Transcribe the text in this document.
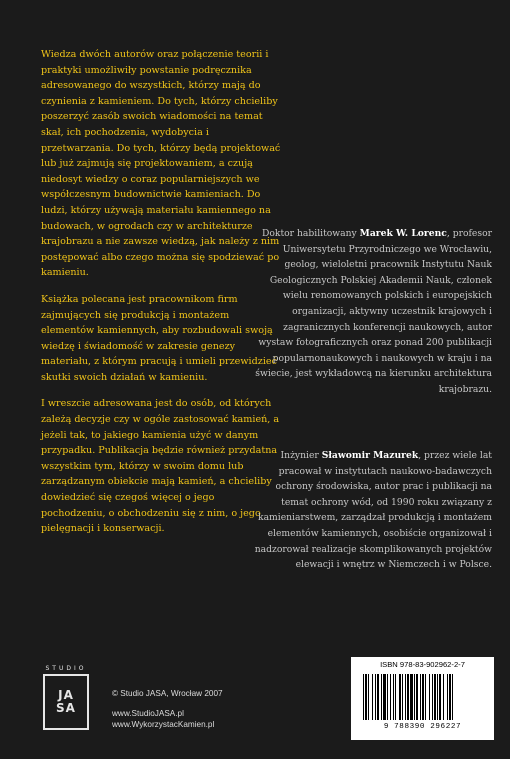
Wiedza dwóch autorów oraz połączenie teorii i praktyki umożliwiły powstanie podręcznika adresowanego do wszystkich, którzy mają do czynienia z kamieniem. Do tych, którzy chcieliby poszerzyć zasób swoich wiadomości na temat skał, ich pochodzenia, wydobycia i przetwarzania. Do tych, którzy będą projektować lub już zajmują się projektowaniem, a czują niedosyt wiedzy o coraz popularniejszych we współczesnym budownictwie kamieniach. Do ludzi, którzy używają materiału kamiennego na budowach, w ogrodach czy w architekturze krajobrazu a nie zawsze wiedzą, jak należy z nim postępować albo czego można się spodziewać po kamieniu.

Książka polecana jest pracownikom firm zajmujących się produkcją i montażem elementów kamiennych, aby rozbudowali swoją wiedzę i świadomość w zakresie genezy materiału, z którym pracują i umieli przewidzieć skutki swoich działań w kamieniu.

I wreszcie adresowana jest do osób, od których zależą decyzje czy w ogóle zastosować kamień, a jeżeli tak, to jakiego kamienia użyć w danym przypadku. Publikacja będzie również przydatna wszystkim tym, którzy w swoim domu lub zarządzanym obiekcie mają kamień, a chcieliby dowiedzieć się czegoś więcej o jego pochodzeniu, o obchodzeniu się z nim, o jego pielęgnacji i konserwacji.

Doktor habilitowany Marek W. Lorenc, profesor Uniwersytetu Przyrodniczego we Wrocławiu, geolog, wieloletni pracownik Instytutu Nauk Geologicznych Polskiej Akademii Nauk, członek wielu renomowanych polskich i europejskich organizacji, aktywny uczestnik krajowych i zagranicznych konferencji naukowych, autor wystaw fotograficznych oraz ponad 200 publikacji popularnonaukowych i naukowych w kraju i na świecie, jest wykładowcą na kierunku architektura krajobrazu.
Inżynier Sławomir Mazurek, przez wiele lat pracował w instytutach naukowo-badawczych ochrony środowiska, autor prac i publikacji na temat ochrony wód, od 1990 roku związany z kamieniarstwem, zarządzał produkcją i montażem elementów kamiennych, osobiście organizował i nadzorował realizacje skomplikowanych projektów elewacji i wnętrz w Niemczech i w Polsce.
STUDIO
JA
SA
© Studio JASA, Wrocław 2007
www.StudioJASA.pl
www.WykorzystacKamien.pl
ISBN 978-83-902962-2-7
9 788390 296227
